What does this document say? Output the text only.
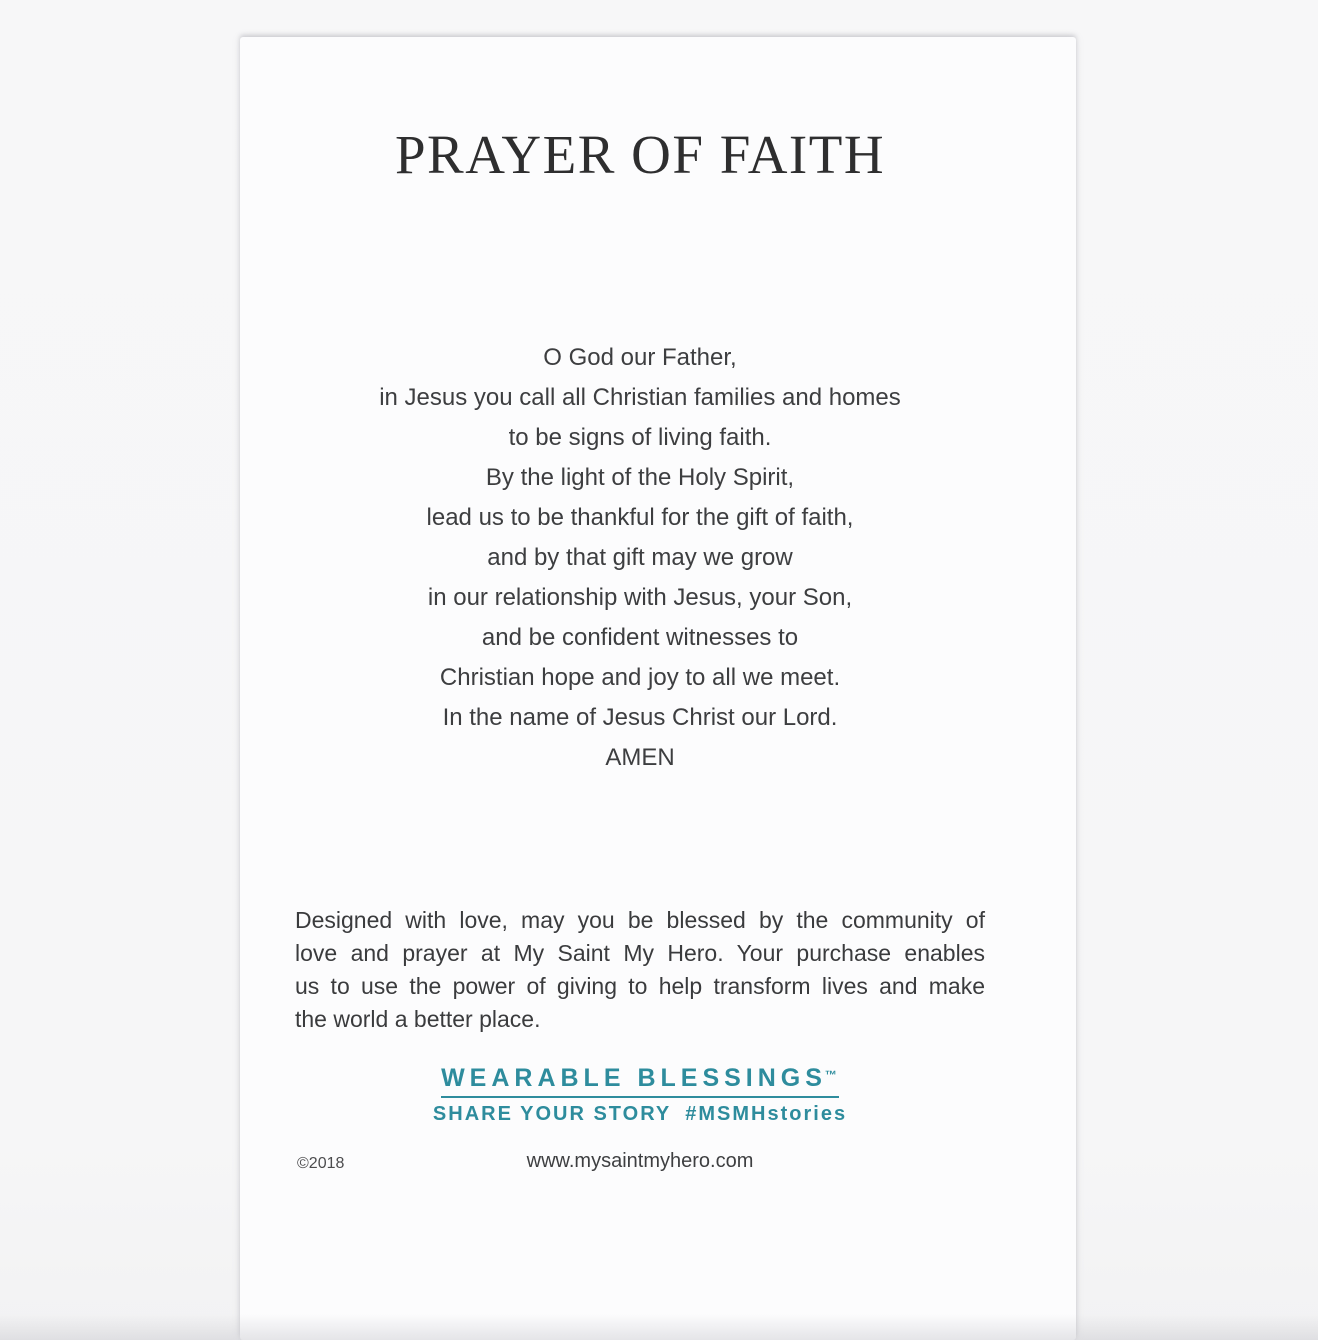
PRAYER OF FAITH
O God our Father,
in Jesus you call all Christian families and homes
to be signs of living faith.
By the light of the Holy Spirit,
lead us to be thankful for the gift of faith,
and by that gift may we grow
in our relationship with Jesus, your Son,
and be confident witnesses to
Christian hope and joy to all we meet.
In the name of Jesus Christ our Lord.
AMEN
Designed with love, may you be blessed by the community of
love and prayer at My Saint My Hero. Your purchase enables
us to use the power of giving to help transform lives and make
the world a better place.
WEARABLE BLESSINGS™
SHARE YOUR STORY #MSMHstories
©2018	www.mysaintmyhero.com
